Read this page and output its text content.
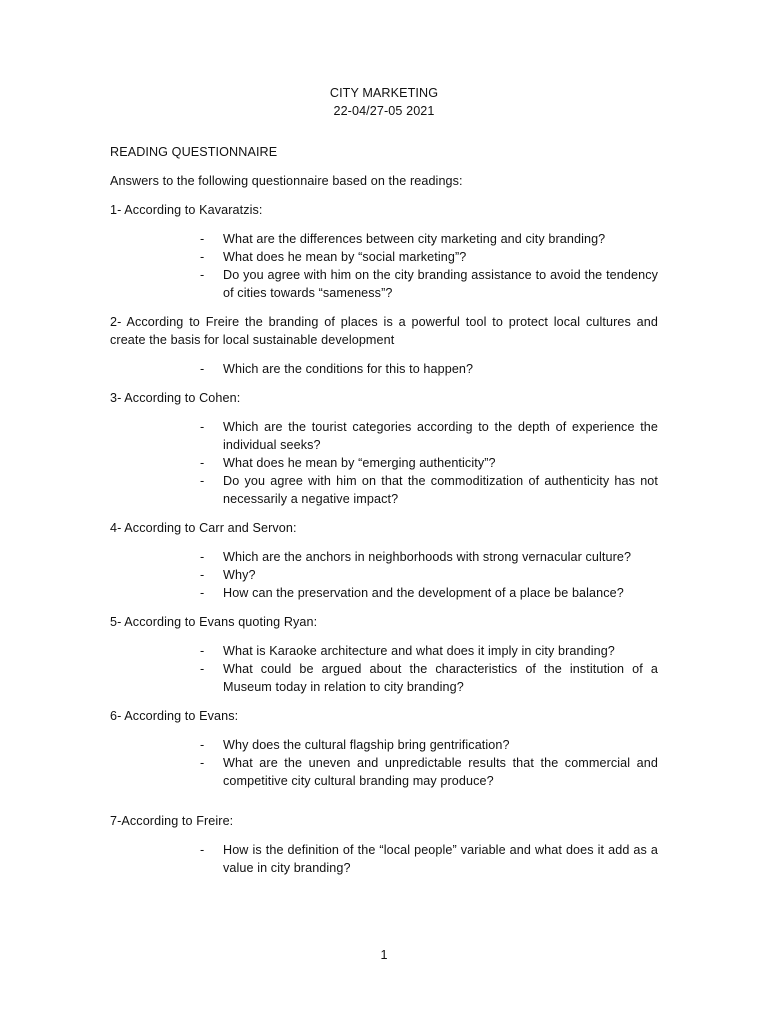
CITY MARKETING

22-04/27-05 2021

READING QUESTIONNAIRE

Answers to the following questionnaire based on the readings:

1- According to Kavaratzis:

- What are the differences between city marketing and city branding?
- What does he mean by “social marketing”?
- Do you agree with him on the city branding assistance to avoid the tendency of cities towards “sameness”?

2- According to Freire the branding of places is a powerful tool to protect local cultures and create the basis for local sustainable development

- Which are the conditions for this to happen?

3- According to Cohen:

- Which are the tourist categories according to the depth of experience the individual seeks?
- What does he mean by “emerging authenticity”?
- Do you agree with him on that the commoditization of authenticity has not necessarily a negative impact?

4- According to Carr and Servon:

- Which are the anchors in neighborhoods with strong vernacular culture?
- Why?
- How can the preservation and the development of a place be balance?

5- According to Evans quoting Ryan:

- What is Karaoke architecture and what does it imply in city branding?
- What could be argued about the characteristics of the institution of a Museum today in relation to city branding?

6- According to Evans:

- Why does the cultural flagship bring gentrification?
- What are the uneven and unpredictable results that the commercial and competitive city cultural branding may produce?

7-According to Freire:

- How is the definition of the “local people” variable and what does it add as a value in city branding?
1
